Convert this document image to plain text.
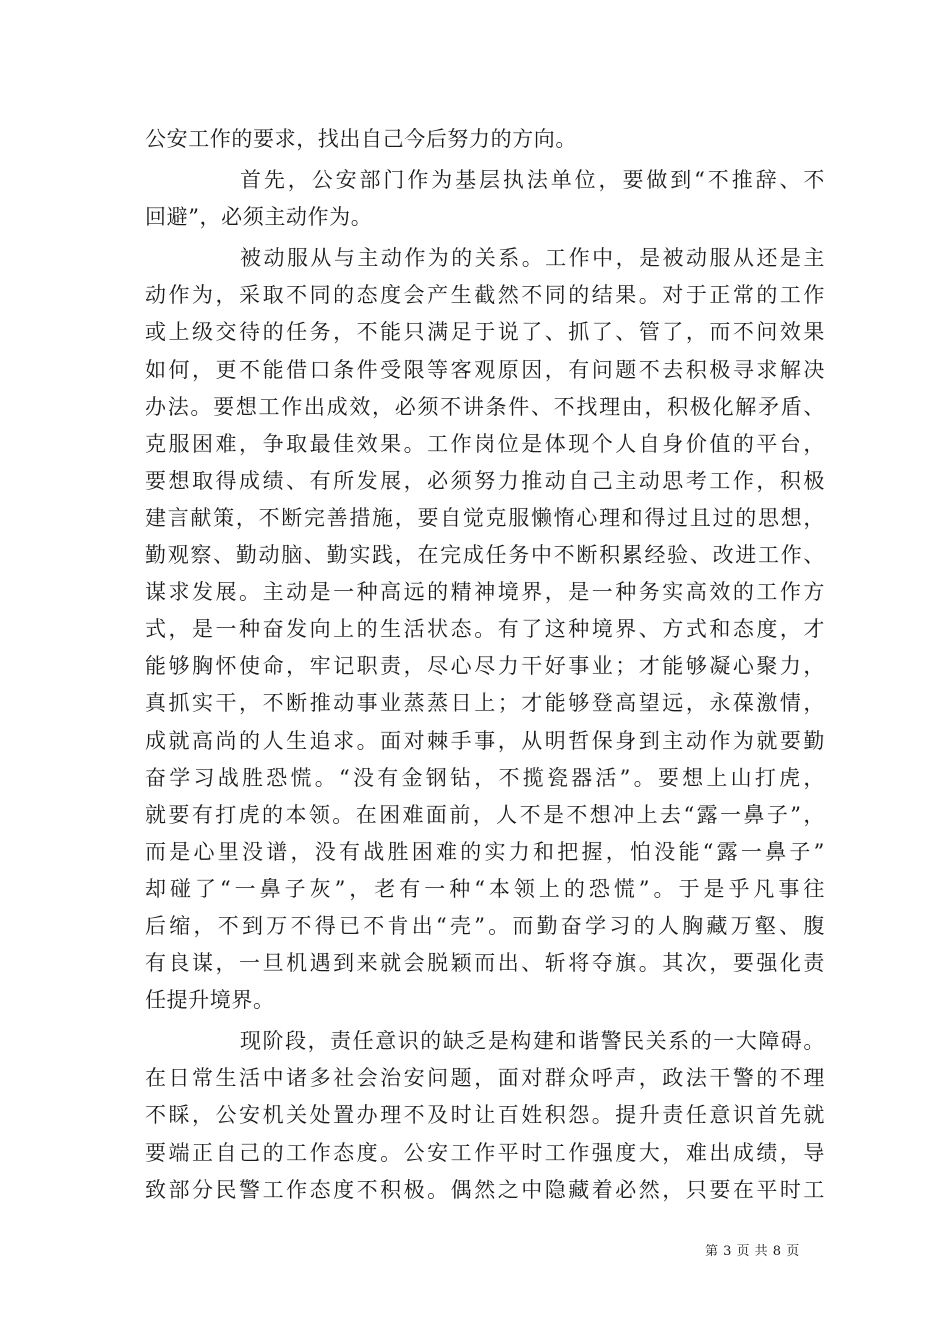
公安工作的要求，找出自己今后努力的方向。
首先，公安部门作为基层执法单位，要做到“不推辞、不
回避”，必须主动作为。
被动服从与主动作为的关系。工作中，是被动服从还是主
动作为，采取不同的态度会产生截然不同的结果。对于正常的工作
或上级交待的任务，不能只满足于说了、抓了、管了，而不问效果
如何，更不能借口条件受限等客观原因，有问题不去积极寻求解决
办法。要想工作出成效，必须不讲条件、不找理由，积极化解矛盾、
克服困难，争取最佳效果。工作岗位是体现个人自身价值的平台，
要想取得成绩、有所发展，必须努力推动自己主动思考工作，积极
建言献策，不断完善措施，要自觉克服懒惰心理和得过且过的思想，
勤观察、勤动脑、勤实践，在完成任务中不断积累经验、改进工作、
谋求发展。主动是一种高远的精神境界，是一种务实高效的工作方
式，是一种奋发向上的生活状态。有了这种境界、方式和态度，才
能够胸怀使命，牢记职责，尽心尽力干好事业；才能够凝心聚力，
真抓实干，不断推动事业蒸蒸日上；才能够登高望远，永葆激情，
成就高尚的人生追求。面对棘手事，从明哲保身到主动作为就要勤
奋学习战胜恐慌。“没有金钢钻，不揽瓷器活”。要想上山打虎，
就要有打虎的本领。在困难面前，人不是不想冲上去“露一鼻子”，
而是心里没谱，没有战胜困难的实力和把握，怕没能“露一鼻子”
却碰了“一鼻子灰”，老有一种“本领上的恐慌”。于是乎凡事往
后缩，不到万不得已不肯出“壳”。而勤奋学习的人胸藏万壑、腹
有良谋，一旦机遇到来就会脱颖而出、斩将夺旗。其次，要强化责
任提升境界。
现阶段，责任意识的缺乏是构建和谐警民关系的一大障碍。
在日常生活中诸多社会治安问题，面对群众呼声，政法干警的不理
不睬，公安机关处置办理不及时让百姓积怨。提升责任意识首先就
要端正自己的工作态度。公安工作平时工作强度大，难出成绩，导
致部分民警工作态度不积极。偶然之中隐藏着必然，只要在平时工
第 3 页 共 8 页
